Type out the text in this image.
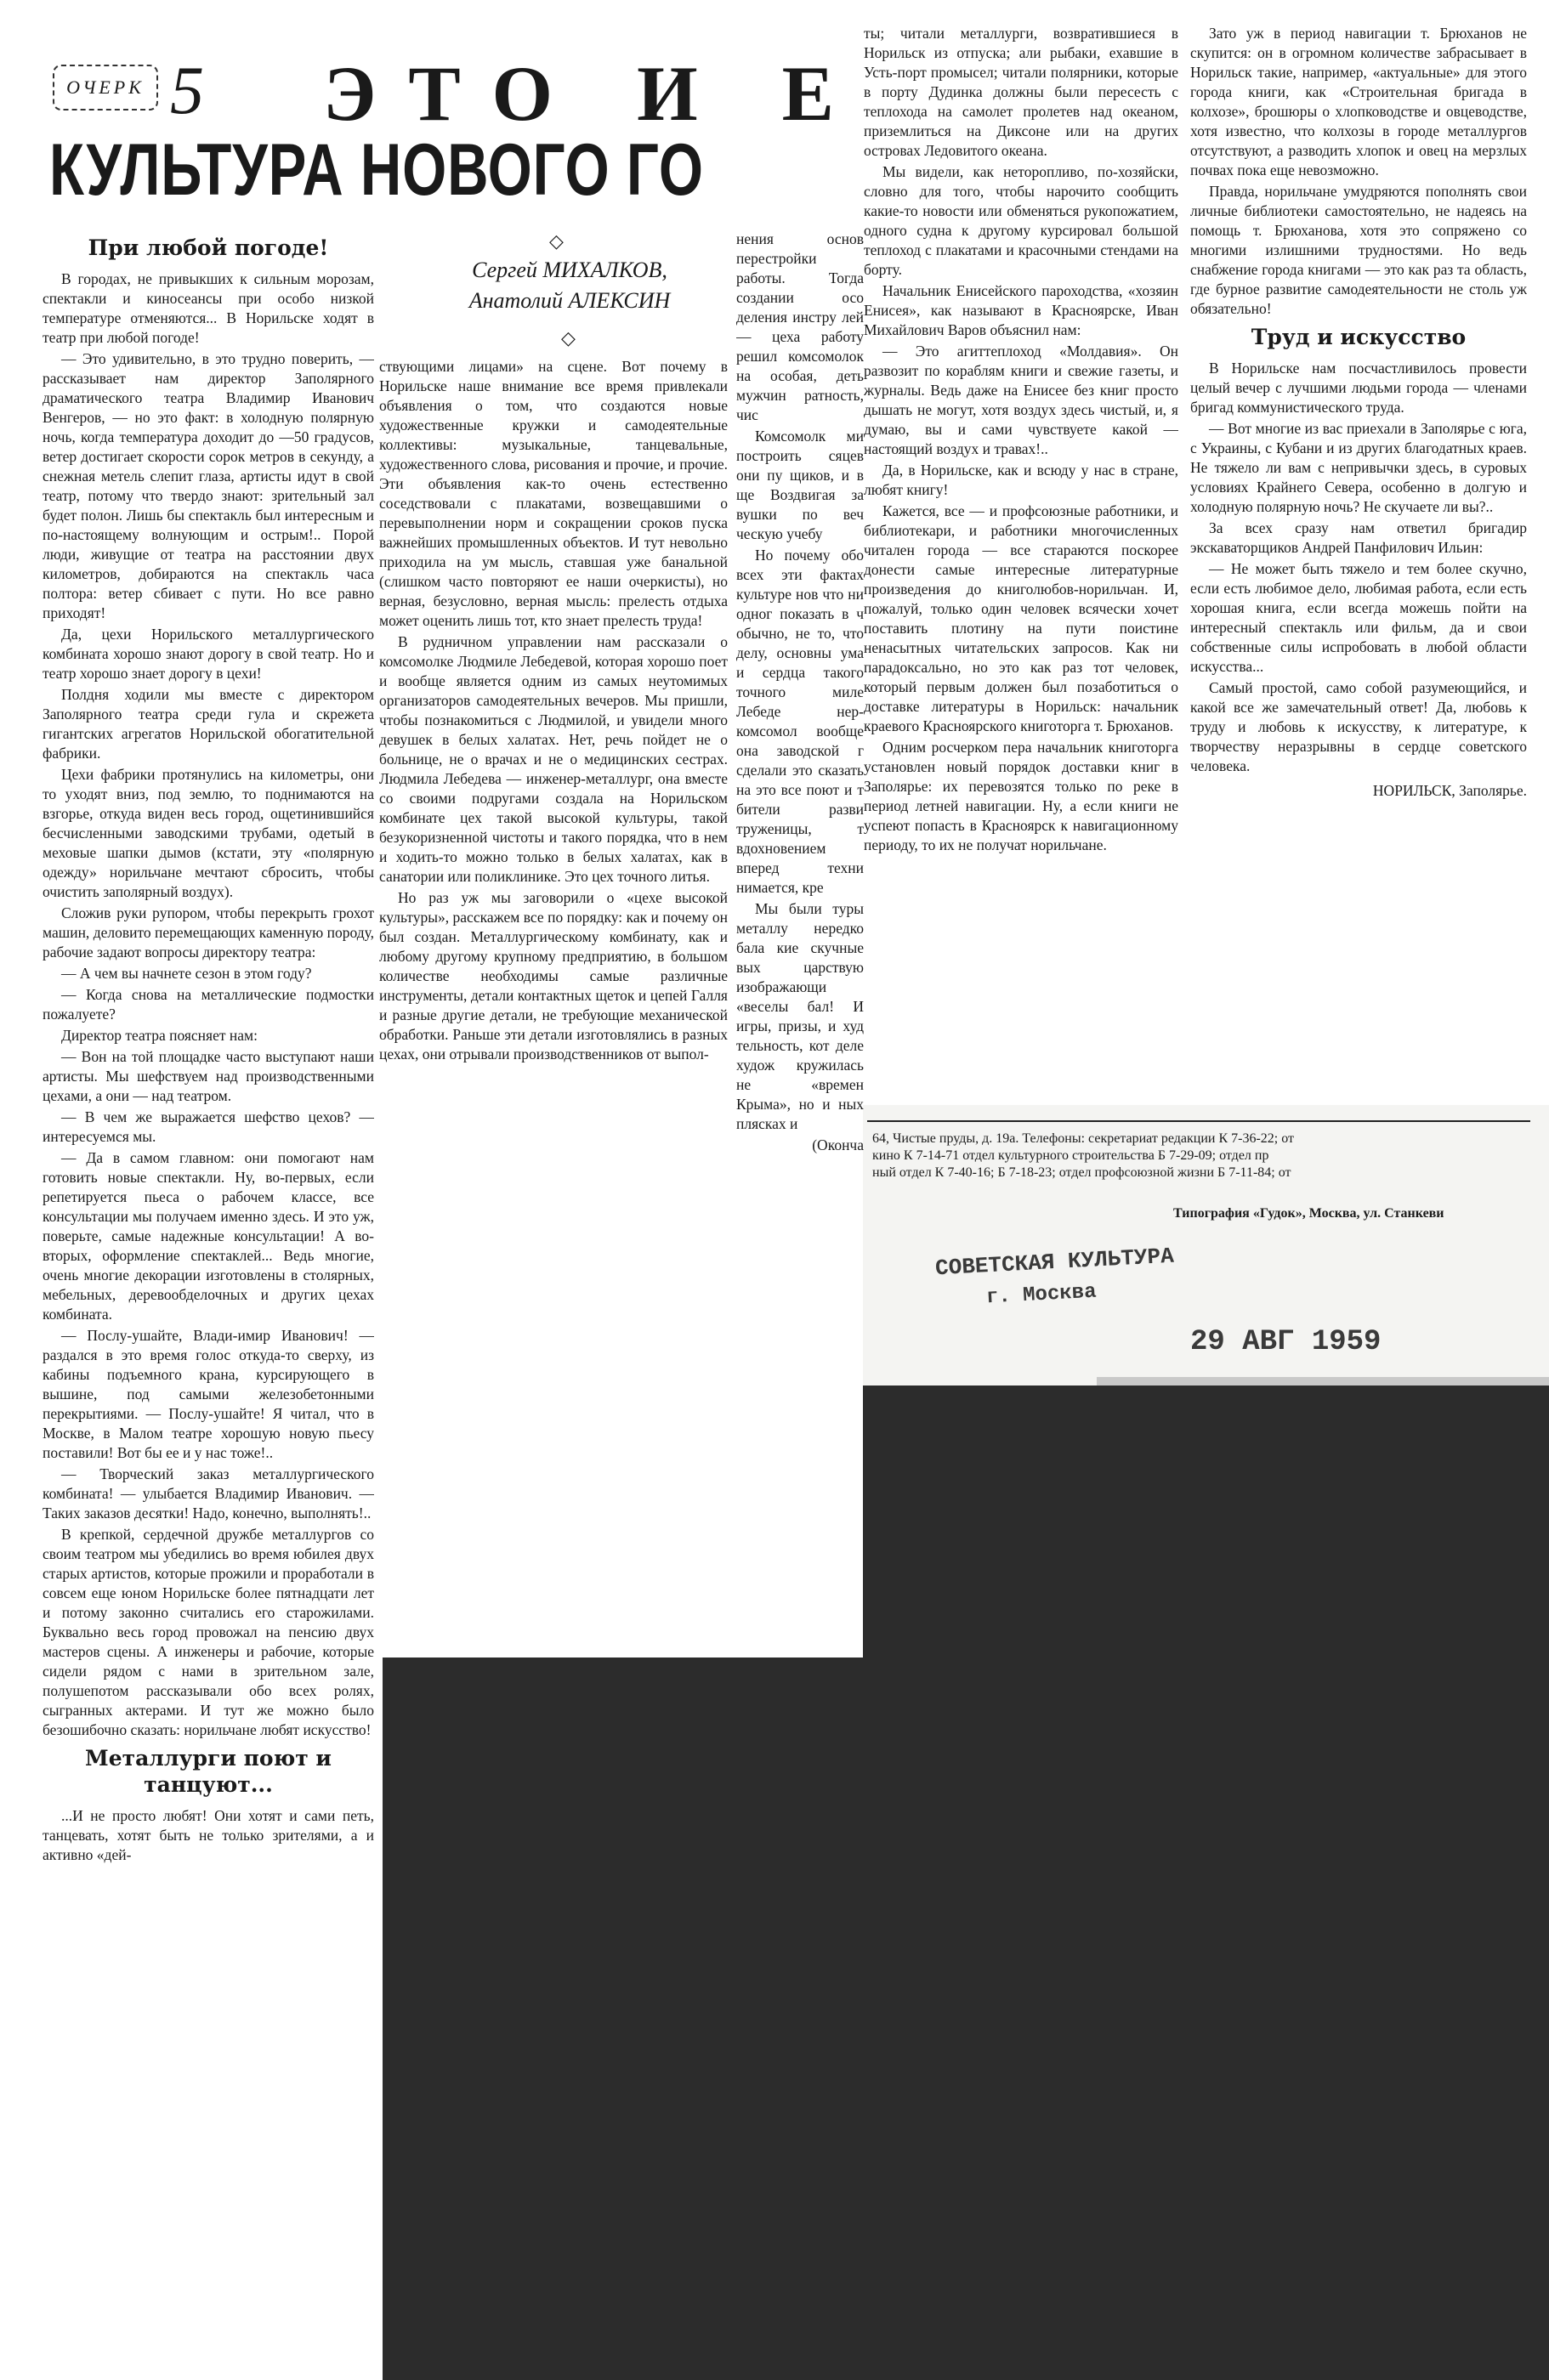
ОЧЕРК 5 ЭТО И Е
КУЛЬТУРА НОВОГО ГО
◇
Сергей МИХАЛКОВ,
Анатолий АЛЕКСИН
◇
При любой погоде!

В городах, не привыкших к сильным морозам, спектакли и киносеансы при особо низкой температуре отменяются... В Норильске ходят в театр при любой погоде!

— Это удивительно, в это трудно поверить, — рассказывает нам директор Заполярного драматического театра Владимир Иванович Венгеров, — но это факт: в холодную полярную ночь, когда температура доходит до —50 градусов, ветер достигает скорости сорок метров в секунду, а снежная метель слепит глаза, артисты идут в свой театр, потому что твердо знают: зрительный зал будет полон. Лишь бы спектакль был интересным и по-настоящему волнующим и острым!.. Порой люди, живущие от театра на расстоянии двух километров, добираются на спектакль часа полтора: ветер сбивает с пути. Но все равно приходят!

Да, цехи Норильского металлургического комбината хорошо знают дорогу в свой театр. Но и театр хорошо знает дорогу в цехи!

Полдня ходили мы вместе с директором Заполярного театра среди гула и скрежета гигантских агрегатов Норильской обогатительной фабрики.

Цехи фабрики протянулись на километры, они то уходят вниз, под землю, то поднимаются на взгорье, откуда виден весь город, ощетинившийся бесчисленными заводскими трубами, одетый в меховые шапки дымов (кстати, эту «полярную одежду» норильчане мечтают сбросить, чтобы очистить заполярный воздух).

Сложив руки рупором, чтобы перекрыть грохот машин, деловито перемещающих каменную породу, рабочие задают вопросы директору театра:

— А чем вы начнете сезон в этом году?

— Когда снова на металлические подмостки пожалуете?

Директор театра поясняет нам:

— Вон на той площадке часто выступают наши артисты. Мы шефствуем над производственными цехами, а они — над театром.

— В чем же выражается шефство цехов? — интересуемся мы.

— Да в самом главном: они помогают нам готовить новые спектакли. Ну, во-первых, если репетируется пьеса о рабочем классе, все консультации мы получаем именно здесь. И это уж, поверьте, самые надежные консультации! А во-вторых, оформление спектаклей... Ведь многие, очень многие декорации изготовлены в столярных, мебельных, деревообделочных и других цехах комбината.

— Послу-ушайте, Влади-имир Иванович! — раздался в это время голос откуда-то сверху, из кабины подъемного крана, курсирующего в вышине, под самыми железобетонными перекрытиями. — Послу-ушайте! Я читал, что в Москве, в Малом театре хорошую новую пьесу поставили! Вот бы ее и у нас тоже!..

— Творческий заказ металлургического комбината! — улыбается Владимир Иванович. — Таких заказов десятки! Надо, конечно, выполнять!..

В крепкой, сердечной дружбе металлургов со своим театром мы убедились во время юбилея двух старых артистов, которые прожили и проработали в совсем еще юном Норильске более пятнадцати лет и потому законно считались его старожилами. Буквально весь город провожал на пенсию двух мастеров сцены. А инженеры и рабочие, которые сидели рядом с нами в зрительном зале, полушепотом рассказывали обо всех ролях, сыгранных актерами. И тут же можно было безошибочно сказать: норильчане любят искусство!

Металлурги поют и танцуют...

...И не просто любят! Они хотят и сами петь, танцевать, хотят быть не только зрителями, а и активно «дей-

ствующими лицами» на сцене. Вот почему в Норильске наше внимание все время привлекали объявления о том, что создаются новые художественные кружки и самодеятельные коллективы: музыкальные, танцевальные, художественного слова, рисования и прочие, и прочие. Эти объявления как-то очень естественно соседствовали с плакатами, возвещавшими о перевыполнении норм и сокращении сроков пуска важнейших промышленных объектов. И тут невольно приходила на ум мысль, ставшая уже банальной (слишком часто повторяют ее наши очеркисты), но верная, безусловно, верная мысль: прелесть отдыха может оценить лишь тот, кто знает прелесть труда!

В рудничном управлении нам рассказали о комсомолке Людмиле Лебедевой, которая хорошо поет и вообще является одним из самых неутомимых организаторов самодеятельных вечеров. Мы пришли, чтобы познакомиться с Людмилой, и увидели много девушек в белых халатах. Нет, речь пойдет не о больнице, не о врачах и не о медицинских сестрах. Людмила Лебедева — инженер-металлург, она вместе со своими подругами создала на Норильском комбинате цех такой высокой культуры, такой безукоризненной чистоты и такого порядка, что в нем и ходить-то можно только в белых халатах, как в санатории или поликлинике. Это цех точного литья.

Но раз уж мы заговорили о «цехе высокой культуры», расскажем все по порядку: как и почему он был создан. Металлургическому комбинату, как и любому другому крупному предприятию, в большом количестве необходимы самые различные инструменты, детали контактных щеток и цепей Галля и разные другие детали, не требующие механической обработки. Раньше эти детали изготовлялись в разных цехах, они отрывали производственников от выпол-

нения основ перестройки работы. Тогда создании осо деления инстру лей — цеха работу решил комсомолок на особая, деть мужчин ратность, чис

Комсомолк ми построить сяцев они пу щиков, и в ще Воздвигая за вушки по веч ческую учебу

Но почему обо всех эти фактах культуре нов что ни одног показать в ч обычно, не то, что делу, основны ума и сердца такого точного миле Лебеде нер-комсомол вообще она заводской г сделали это сказать на это все поют и т бители разви труженицы, т вдохновением вперед техни нимается, кре

Мы были туры металлу нередко бала кие скучные вых царствую изображающи «веселы бал! И игры, призы, и худ тельность, кот деле худож кружилась не «времен Крыма», но и ных плясках и

(Оконча

ты; читали металлурги, возвратившиеся в Норильск из отпуска; али рыбаки, ехавшие в Усть-порт промысел; читали полярники, которые в порту Дудинка должны были пересесть с теплохода на самолет пролетев над океаном, приземлиться на Диксоне или на других островах Ледовитого океана.

Мы видели, как неторопливо, по-хозяйски, словно для того, чтобы нарочито сообщить какие-то новости или обменяться рукопожатием, одного судна к другому курсировал большой теплоход с плакатами и красочными стендами на борту.

Начальник Енисейского пароходства, «хозяин Енисея», как называют в Красноярске, Иван Михайлович Варов объяснил нам:

— Это агиттеплоход «Молдавия». Он развозит по кораблям книги и свежие газеты, и журналы. Ведь даже на Енисее без книг просто дышать не могут, хотя воздух здесь чистый, и, я думаю, вы и сами чувствуете какой — настоящий воздух и травах!..

Да, в Норильске, как и всюду у нас в стране, любят книгу!

Кажется, все — и профсоюзные работники, и библиотекари, и работники многочисленных читален города — все стараются поскорее донести самые интересные литературные произведения до книголюбов-норильчан. И, пожалуй, только один человек всячески хочет поставить плотину на пути поистине ненасытных читательских запросов. Как ни парадоксально, но это как раз тот человек, который первым должен был позаботиться о доставке литературы в Норильск: начальник краевого Красноярского книготорга т. Брюханов.

Одним росчерком пера начальник книготорга установлен новый порядок доставки книг в Заполярье: их перевозятся только по реке в период летней навигации. Ну, а если книги не успеют попасть в Красноярск к навигационному периоду, то их не получат норильчане.

Зато уж в период навигации т. Брюханов не скупится: он в огромном количестве забрасывает в Норильск такие, например, «актуальные» для этого города книги, как «Строительная бригада в колхозе», брошюры о хлопководстве и овцеводстве, хотя известно, что колхозы в городе металлургов отсутствуют, а разводить хлопок и овец на мерзлых почвах пока еще невозможно.

Правда, норильчане умудряются пополнять свои личные библиотеки самостоятельно, не надеясь на помощь т. Брюханова, хотя это сопряжено со многими излишними трудностями. Но ведь снабжение города книгами — это как раз та область, где бурное развитие самодеятельности не столь уж обязательно!

Труд и искусство

В Норильске нам посчастливилось провести целый вечер с лучшими людьми города — членами бригад коммунистического труда.

— Вот многие из вас приехали в Заполярье с юга, с Украины, с Кубани и из других благодатных краев. Не тяжело ли вам с непривычки здесь, в суровых условиях Крайнего Севера, особенно в долгую и холодную полярную ночь? Не скучаете ли вы?..

За всех сразу нам ответил бригадир экскаваторщиков Андрей Панфилович Ильин:

— Не может быть тяжело и тем более скучно, если есть любимое дело, любимая работа, если есть хорошая книга, если всегда можешь пойти на интересный спектакль или фильм, да и свои собственные силы испробовать в любой области искусства...

Самый простой, само собой разумеющийся, и какой все же замечательный ответ! Да, любовь к труду и любовь к искусству, к литературе, к творчеству неразрывны в сердце советского человека.

НОРИЛЬСК, Заполярье.

64, Чистые пруды, д. 19а. Телефоны: секретариат редакции К 7-36-22; от
кино К 7-14-71 отдел культурного строительства Б 7-29-09; отдел пр
ный отдел К 7-40-16; Б 7-18-23; отдел профсоюзной жизни Б 7-11-84; от
Типография «Гудок», Москва, ул. Станкеви
СОВЕТСКАЯ КУЛЬТУРА
г. Москва
29 АВГ 1959
